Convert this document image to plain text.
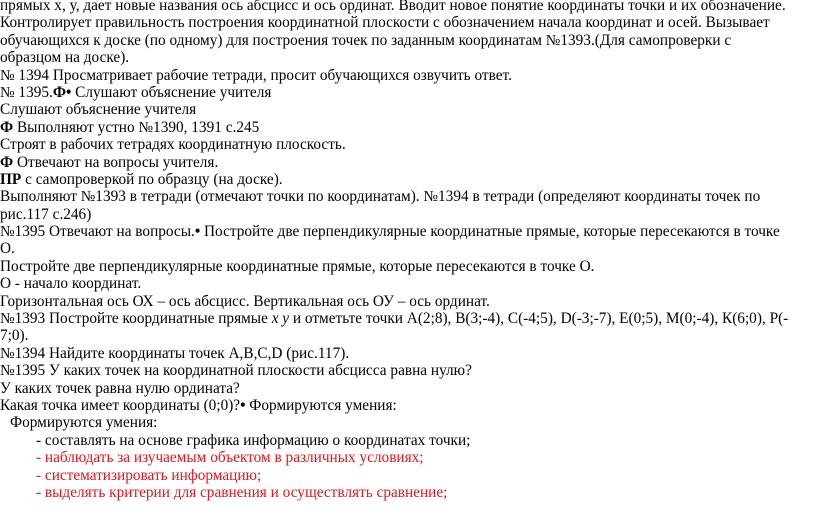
прямых х, у, дает новые названия ось абсцисс и ось ординат. Вводит новое понятие координаты точки и их обозначение.
Контролирует правильность построения координатной плоскости с обозначением начала координат и осей. Вызывает
обучающихся к доске (по одному) для построения точек по заданным координатам №1393.(Для самопроверки с
образцом на доске).
№ 1394 Просматривает рабочие тетради, просит обучающихся озвучить ответ.
№ 1395.Ф• Слушают объяснение учителя
Слушают объяснение учителя
Ф Выполняют устно №1390, 1391 с.245
Строят в рабочих тетрадях координатную плоскость.
Ф Отвечают на вопросы учителя.
ПР с самопроверкой по образцу (на доске).
Выполняют №1393 в тетради (отмечают точки по координатам). №1394 в тетради (определяют координаты точек по
рис.117 с.246)
№1395 Отвечают на вопросы.• Постройте две перпендикулярные координатные прямые, которые пересекаются в точке
О.
Постройте две перпендикулярные координатные прямые, которые пересекаются в точке О.
О - начало координат.
Горизонтальная ось ОХ – ось абсцисс. Вертикальная ось ОУ – ось ординат.
№1393 Постройте координатные прямые х у и отметьте точки А(2;8), В(3;-4), С(-4;5), D(-3;-7), Е(0;5), М(0;-4), К(6;0), Р(-
7;0).
№1394 Найдите координаты точек А,В,С,D (рис.117).
№1395 У каких точек на координатной плоскости абсцисса равна нулю?
У каких точек равна нулю ордината?
Какая точка имеет координаты (0;0)?• Формируются умения:
Формируются умения:
- составлять на основе графика информацию о координатах точки;
- наблюдать за изучаемым объектом в различных условиях;
- систематизировать информацию;
- выделять критерии для сравнения и осуществлять сравнение;
